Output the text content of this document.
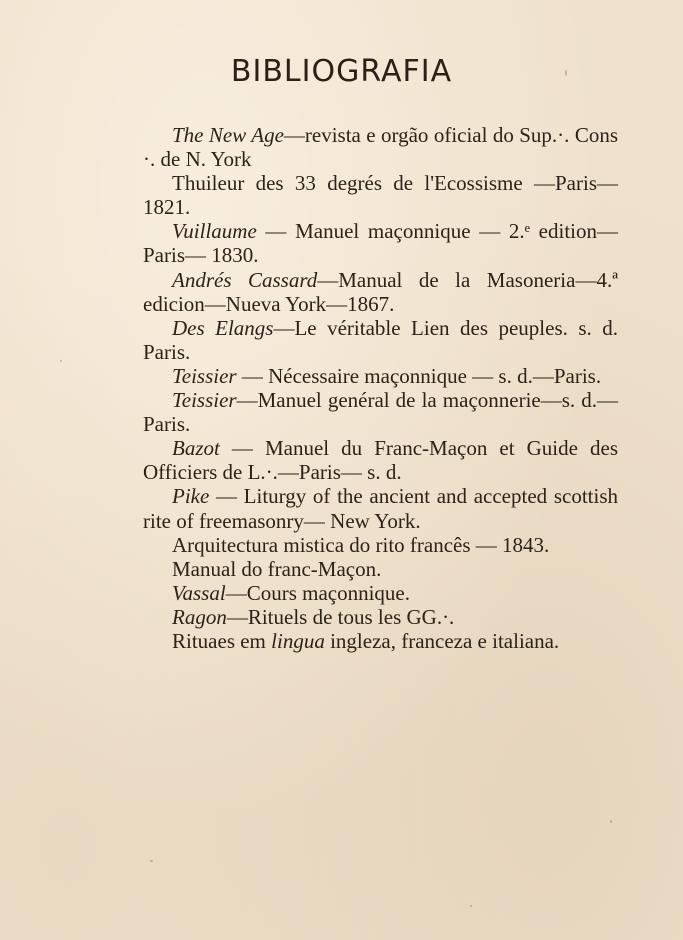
BIBLIOGRAFIA

The New Age—revista e orgão oficial do Sup.·. Cons ·. de N. York

Thuileur des 33 degrés de l'Ecossisme —Paris—1821.

Vuillaume — Manuel maçonnique — 2.ᵉ edition—Paris— 1830.

Andrés Cassard—Manual de la Masoneria—4.ª edicion—Nueva York—1867.

Des Elangs—Le véritable Lien des peuples. s. d. Paris.

Teissier — Nécessaire maçonnique — s. d.—Paris.

Teissier—Manuel genéral de la maçonnerie—s. d.—Paris.

Bazot — Manuel du Franc-Maçon et Guide des Officiers de L.·.—Paris— s. d.

Pike — Liturgy of the ancient and accepted scottish rite of freemasonry— New York.

Arquitectura mistica do rito francês — 1843.

Manual do franc-Maçon.

Vassal—Cours maçonnique.

Ragon—Rituels de tous les GG.·.

Rituaes em lingua ingleza, franceza e italiana.
